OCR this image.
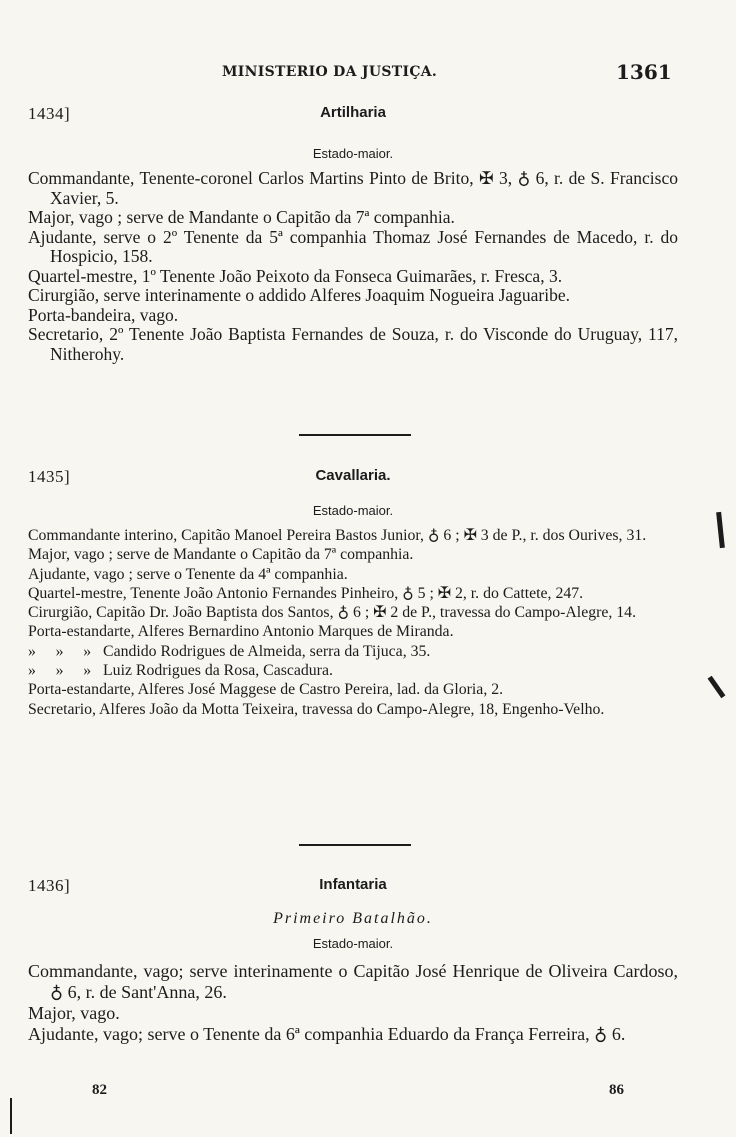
MINISTERIO DA JUSTIÇA.	1361
1434]	Artilharia
Estado-maior.
Commandante, Tenente-coronel Carlos Martins Pinto de Brito, ✠ 3, ♁ 6, r. de S. Francisco Xavier, 5.
Major, vago ; serve de Mandante o Capitão da 7ª companhia.
Ajudante, serve o 2º Tenente da 5ª companhia Thomaz José Fernandes de Macedo, r. do Hospicio, 158.
Quartel-mestre, 1º Tenente João Peixoto da Fonseca Guimarães, r. Fresca, 3.
Cirurgião, serve interinamente o addido Alferes Joaquim Nogueira Jaguaribe.
Porta-bandeira, vago.
Secretario, 2º Tenente João Baptista Fernandes de Souza, r. do Visconde do Uruguay, 117, Nitherohy.
1435]	Cavallaria.
Estado-maior.
Commandante interino, Capitão Manoel Pereira Bastos Junior, ♁ 6 ; ✠ 3 de P., r. dos Ourives, 31.
Major, vago ; serve de Mandante o Capitão da 7ª companhia.
Ajudante, vago ; serve o Tenente da 4ª companhia.
Quartel-mestre, Tenente João Antonio Fernandes Pinheiro, ♁ 5 ; ✠ 2, r. do Cattete, 247.
Cirurgião, Capitão Dr. João Baptista dos Santos, ♁ 6 ; ✠ 2 de P., travessa do Campo-Alegre, 14.
Porta-estandarte, Alferes Bernardino Antonio Marques de Miranda.
»     »     »   Candido Rodrigues de Almeida, serra da Tijuca, 35.
»     »     »   Luiz Rodrigues da Rosa, Cascadura.
Porta-estandarte, Alferes José Maggese de Castro Pereira, lad. da Gloria, 2.
Secretario, Alferes João da Motta Teixeira, travessa do Campo-Alegre, 18, Engenho-Velho.
1436]	Infantaria
Primeiro Batalhão.
Estado-maior.
Commandante, vago; serve interinamente o Capitão José Henrique de Oliveira Cardoso, ♁ 6, r. de Sant'Anna, 26.
Major, vago.
Ajudante, vago; serve o Tenente da 6ª companhia Eduardo da França Ferreira, ♁ 6.
82	86
